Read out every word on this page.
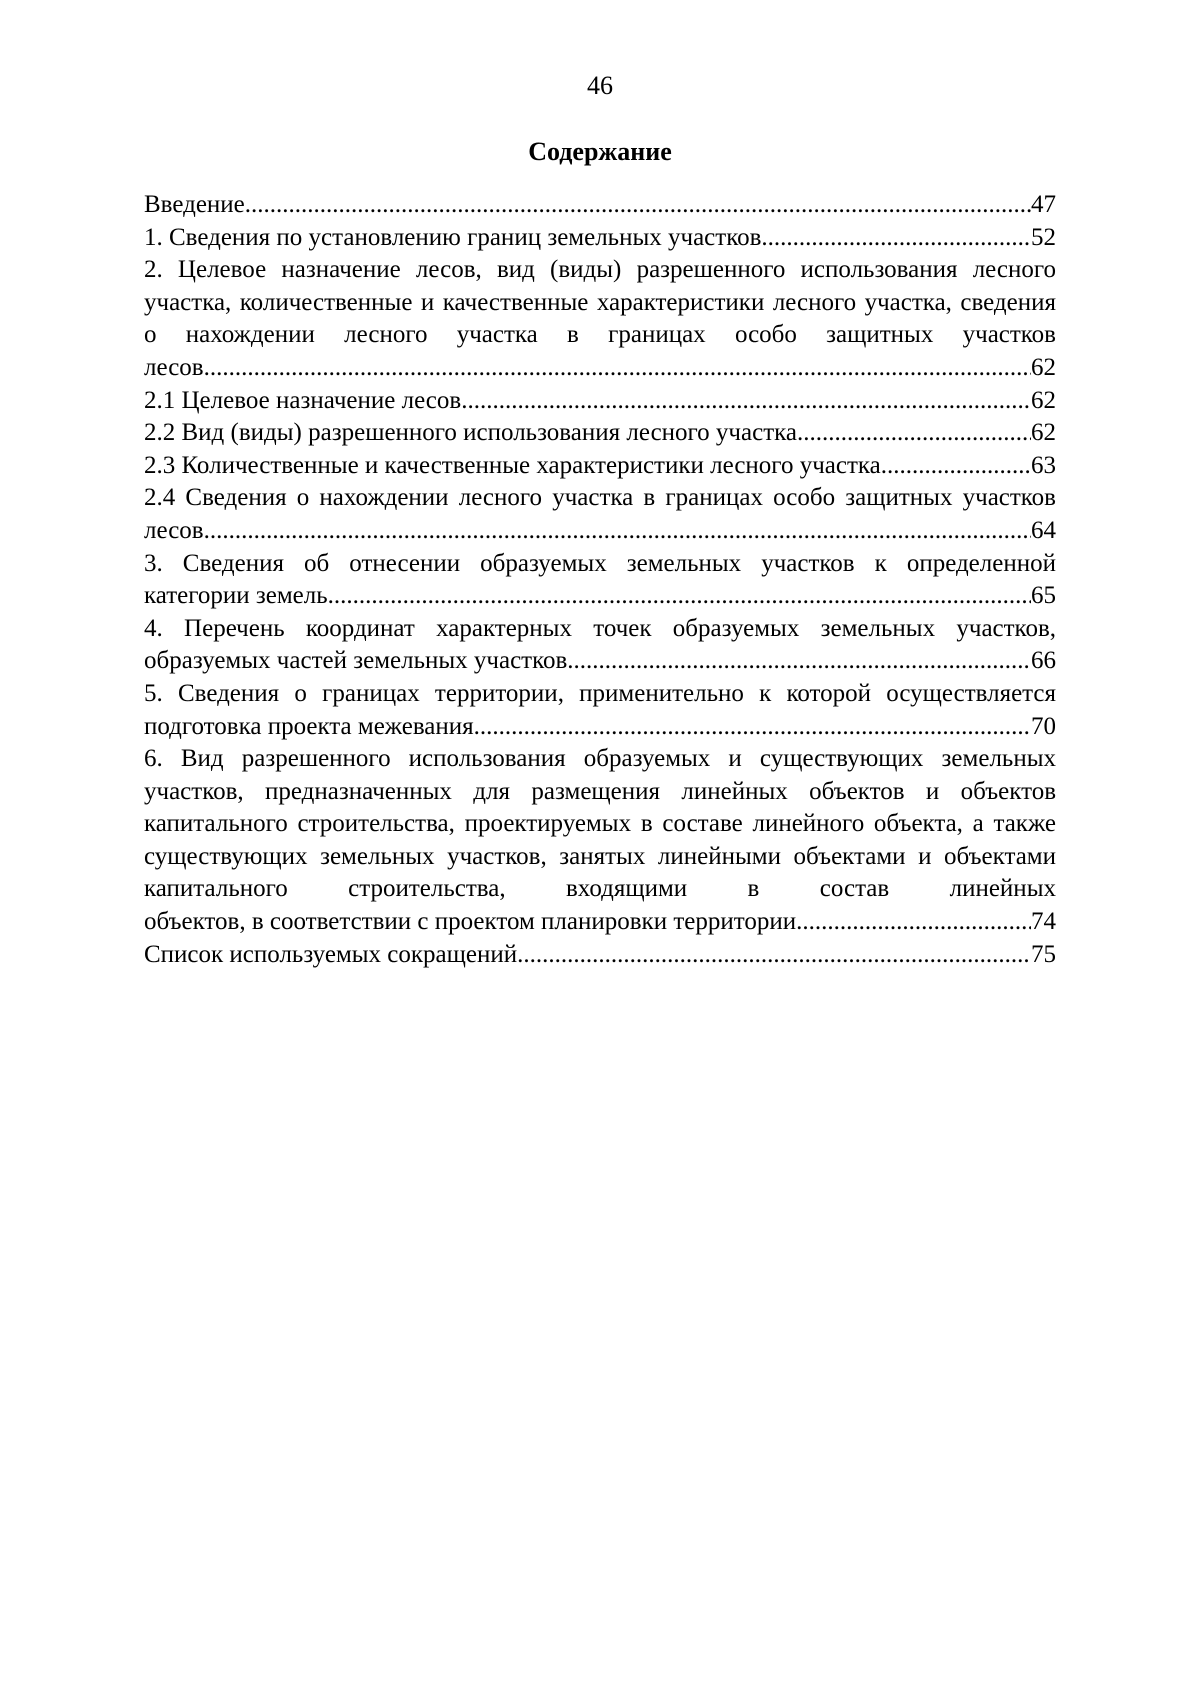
46
Содержание
Введение .....	47
1. Сведения по установлению границ земельных участков .....	52
2. Целевое назначение лесов, вид (виды) разрешенного использования лесного участка, количественные и качественные характеристики лесного участка, сведения о нахождении лесного участка в границах особо защитных участков
лесов .....	62
2.1 Целевое назначение лесов .....	62
2.2 Вид (виды) разрешенного использования лесного участка .....	62
2.3 Количественные и качественные характеристики лесного участка .....	63
2.4 Сведения о нахождении лесного участка в границах особо защитных участков
лесов .....	64
3. Сведения об отнесении образуемых земельных участков к определенной
категории земель .....	65
4. Перечень координат характерных точек образуемых земельных участков,
образуемых частей земельных участков .....	66
5. Сведения о границах территории, применительно к которой осуществляется
подготовка проекта межевания .....	70
6. Вид разрешенного использования образуемых и существующих земельных участков, предназначенных для размещения линейных объектов и объектов капитального строительства, проектируемых в составе линейного объекта, а также существующих земельных участков, занятых линейными объектами и объектами капитального строительства, входящими в состав линейных
объектов, в соответствии с проектом планировки территории .....	74
Список используемых сокращений .....	75
